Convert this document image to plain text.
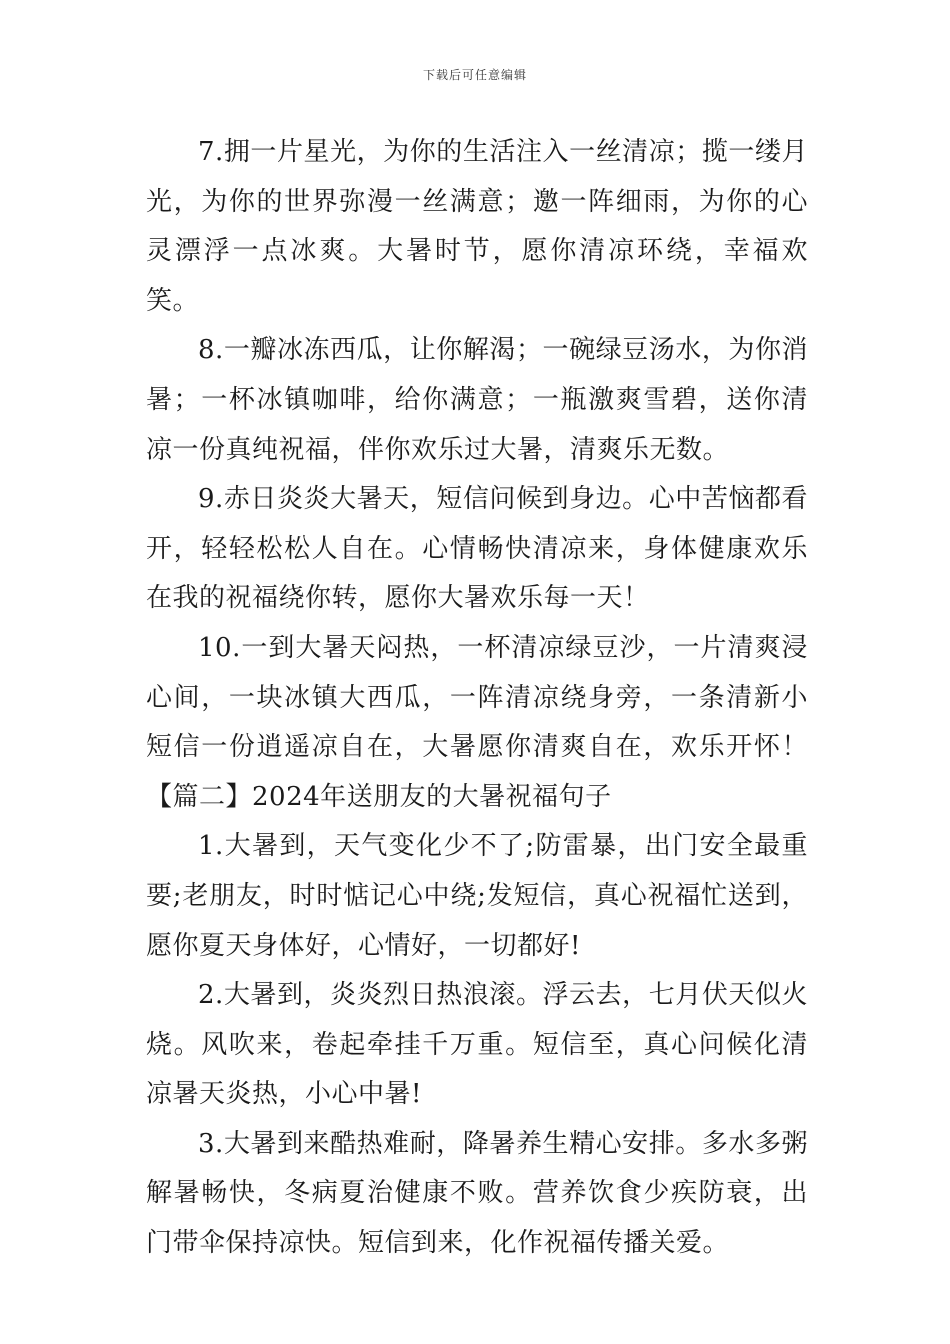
下载后可任意编辑

7.拥一片星光，为你的生活注入一丝清凉；揽一缕月光，为你的世界弥漫一丝满意；邀一阵细雨，为你的心灵漂浮一点冰爽。大暑时节，愿你清凉环绕，幸福欢笑。

8.一瓣冰冻西瓜，让你解渴；一碗绿豆汤水，为你消暑；一杯冰镇咖啡，给你满意；一瓶激爽雪碧，送你清凉一份真纯祝福，伴你欢乐过大暑，清爽乐无数。

9.赤日炎炎大暑天，短信问候到身边。心中苦恼都看开，轻轻松松人自在。心情畅快清凉来，身体健康欢乐在我的祝福绕你转，愿你大暑欢乐每一天！

10.一到大暑天闷热，一杯清凉绿豆沙，一片清爽浸心间，一块冰镇大西瓜，一阵清凉绕身旁，一条清新小短信一份逍遥凉自在，大暑愿你清爽自在，欢乐开怀！【篇二】2024年送朋友的大暑祝福句子

1.大暑到，天气变化少不了;防雷暴，出门安全最重要;老朋友，时时惦记心中绕;发短信，真心祝福忙送到，愿你夏天身体好，心情好，一切都好!

2.大暑到，炎炎烈日热浪滚。浮云去，七月伏天似火烧。风吹来，卷起牵挂千万重。短信至，真心问候化清凉暑天炎热，小心中暑!

3.大暑到来酷热难耐，降暑养生精心安排。多水多粥解暑畅快，冬病夏治健康不败。营养饮食少疾防衰，出门带伞保持凉快。短信到来，化作祝福传播关爱。
